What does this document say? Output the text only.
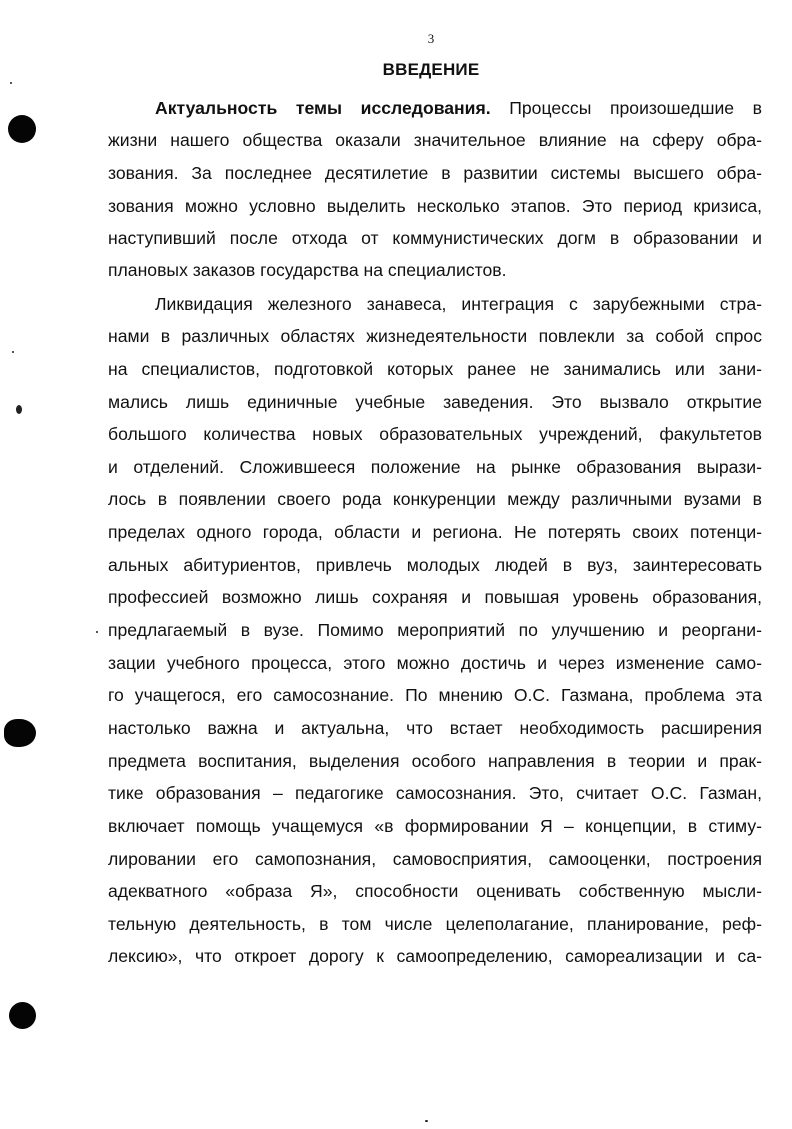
3
ВВЕДЕНИЕ
Актуальность темы исследования. Процессы произошедшие в
жизни нашего общества оказали значительное влияние на сферу обра-
зования. За последнее десятилетие в развитии системы высшего обра-
зования можно условно выделить несколько этапов. Это период кризиса,
наступивший после отхода от коммунистических догм в образовании и
плановых заказов государства на специалистов.
Ликвидация железного занавеса, интеграция с зарубежными стра-
нами в различных областях жизнедеятельности повлекли за собой спрос
на специалистов, подготовкой которых ранее не занимались или зани-
мались лишь единичные учебные заведения. Это вызвало открытие
большого количества новых образовательных учреждений, факультетов
и отделений. Сложившееся положение на рынке образования вырази-
лось в появлении своего рода конкуренции между различными вузами в
пределах одного города, области и региона. Не потерять своих потенци-
альных абитуриентов, привлечь молодых людей в вуз, заинтересовать
профессией возможно лишь сохраняя и повышая уровень образования,
предлагаемый в вузе. Помимо мероприятий по улучшению и реоргани-
зации учебного процесса, этого можно достичь и через изменение само-
го учащегося, его самосознание. По мнению О.С. Газмана, проблема эта
настолько важна и актуальна, что встает необходимость расширения
предмета воспитания, выделения особого направления в теории и прак-
тике образования – педагогике самосознания. Это, считает О.С. Газман,
включает помощь учащемуся «в формировании Я – концепции, в стиму-
лировании его самопознания, самовосприятия, самооценки, построения
адекватного «образа Я», способности оценивать собственную мысли-
тельную деятельность, в том числе целеполагание, планирование, реф-
лексию», что откроет дорогу к самоопределению, самореализации и са-
